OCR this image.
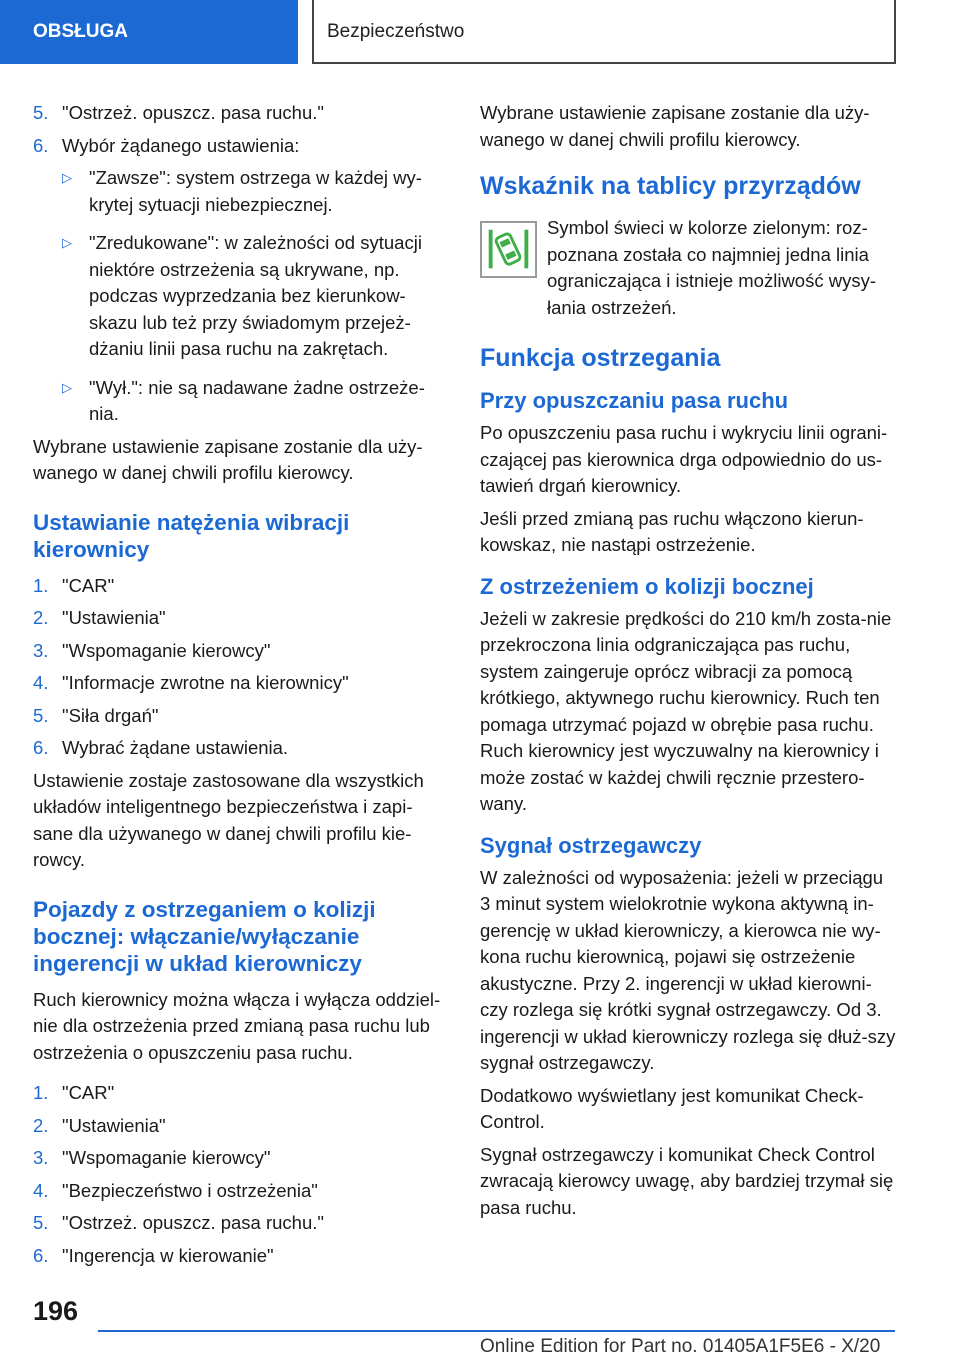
OBSŁUGA	Bezpieczeństwo
5. "Ostrzeż. opuszcz. pasa ruchu."
6. Wybór żądanego ustawienia:
▷ "Zawsze": system ostrzega w każdej wy‐krytej sytuacji niebezpiecznej.
▷ "Zredukowane": w zależności od sytuacji niektóre ostrzeżenia są ukrywane, np. podczas wyprzedzania bez kierunkow‐skazu lub też przy świadomym przejeż‐dżaniu linii pasa ruchu na zakrętach.
▷ "Wył.": nie są nadawane żadne ostrzeże‐nia.

Wybrane ustawienie zapisane zostanie dla uży‐wanego w danej chwili profilu kierowcy.

Ustawianie natężenia wibracji kierownicy
1. "CAR"
2. "Ustawienia"
3. "Wspomaganie kierowcy"
4. "Informacje zwrotne na kierownicy"
5. "Siła drgań"
6. Wybrać żądane ustawienia.

Ustawienie zostaje zastosowane dla wszystkich układów inteligentnego bezpieczeństwa i zapi‐sane dla używanego w danej chwili profilu kie‐rowcy.

Pojazdy z ostrzeganiem o kolizji bocznej: włączanie/wyłączanie ingerencji w układ kierowniczy

Ruch kierownicy można włącza i wyłącza oddziel‐nie dla ostrzeżenia przed zmianą pasa ruchu lub ostrzeżenia o opuszczeniu pasa ruchu.

1. "CAR"
2. "Ustawienia"
3. "Wspomaganie kierowcy"
4. "Bezpieczeństwo i ostrzeżenia"
5. "Ostrzeż. opuszcz. pasa ruchu."
6. "Ingerencja w kierowanie"

Wybrane ustawienie zapisane zostanie dla uży‐wanego w danej chwili profilu kierowcy.

Wskaźnik na tablicy przyrządów

Symbol świeci w kolorze zielonym: roz‐poznana została co najmniej jedna linia ograniczająca i istnieje możliwość wysy‐łania ostrzeżeń.

Funkcja ostrzegania
Przy opuszczaniu pasa ruchu

Po opuszczeniu pasa ruchu i wykryciu linii ograni‐czającej pas kierownica drga odpowiednio do us‐tawień drgań kierownicy.

Jeśli przed zmianą pas ruchu włączono kierun‐kowskaz, nie nastąpi ostrzeżenie.

Z ostrzeżeniem o kolizji bocznej

Jeżeli w zakresie prędkości do 210 km/h zosta‐nie przekroczona linia odgraniczająca pas ruchu, system zaingeruje oprócz wibracji za pomocą krótkiego, aktywnego ruchu kierownicy. Ruch ten pomaga utrzymać pojazd w obrębie pasa ruchu. Ruch kierownicy jest wyczuwalny na kierownicy i może zostać w każdej chwili ręcznie przestero‐wany.

Sygnał ostrzegawczy

W zależności od wyposażenia: jeżeli w przeciągu 3 minut system wielokrotnie wykona aktywną in‐gerencję w układ kierowniczy, a kierowca nie wy‐kona ruchu kierownicą, pojawi się ostrzeżenie akustyczne. Przy 2. ingerencji w układ kierowni‐czy rozlega się krótki sygnał ostrzegawczy. Od 3. ingerencji w układ kierowniczy rozlega się dłuż‐szy sygnał ostrzegawczy.

Dodatkowo wyświetlany jest komunikat Check-Control.

Sygnał ostrzegawczy i komunikat Check Control zwracają kierowcy uwagę, aby bardziej trzymał się pasa ruchu.

196
Online Edition for Part no. 01405A1F5E6 - X/20
